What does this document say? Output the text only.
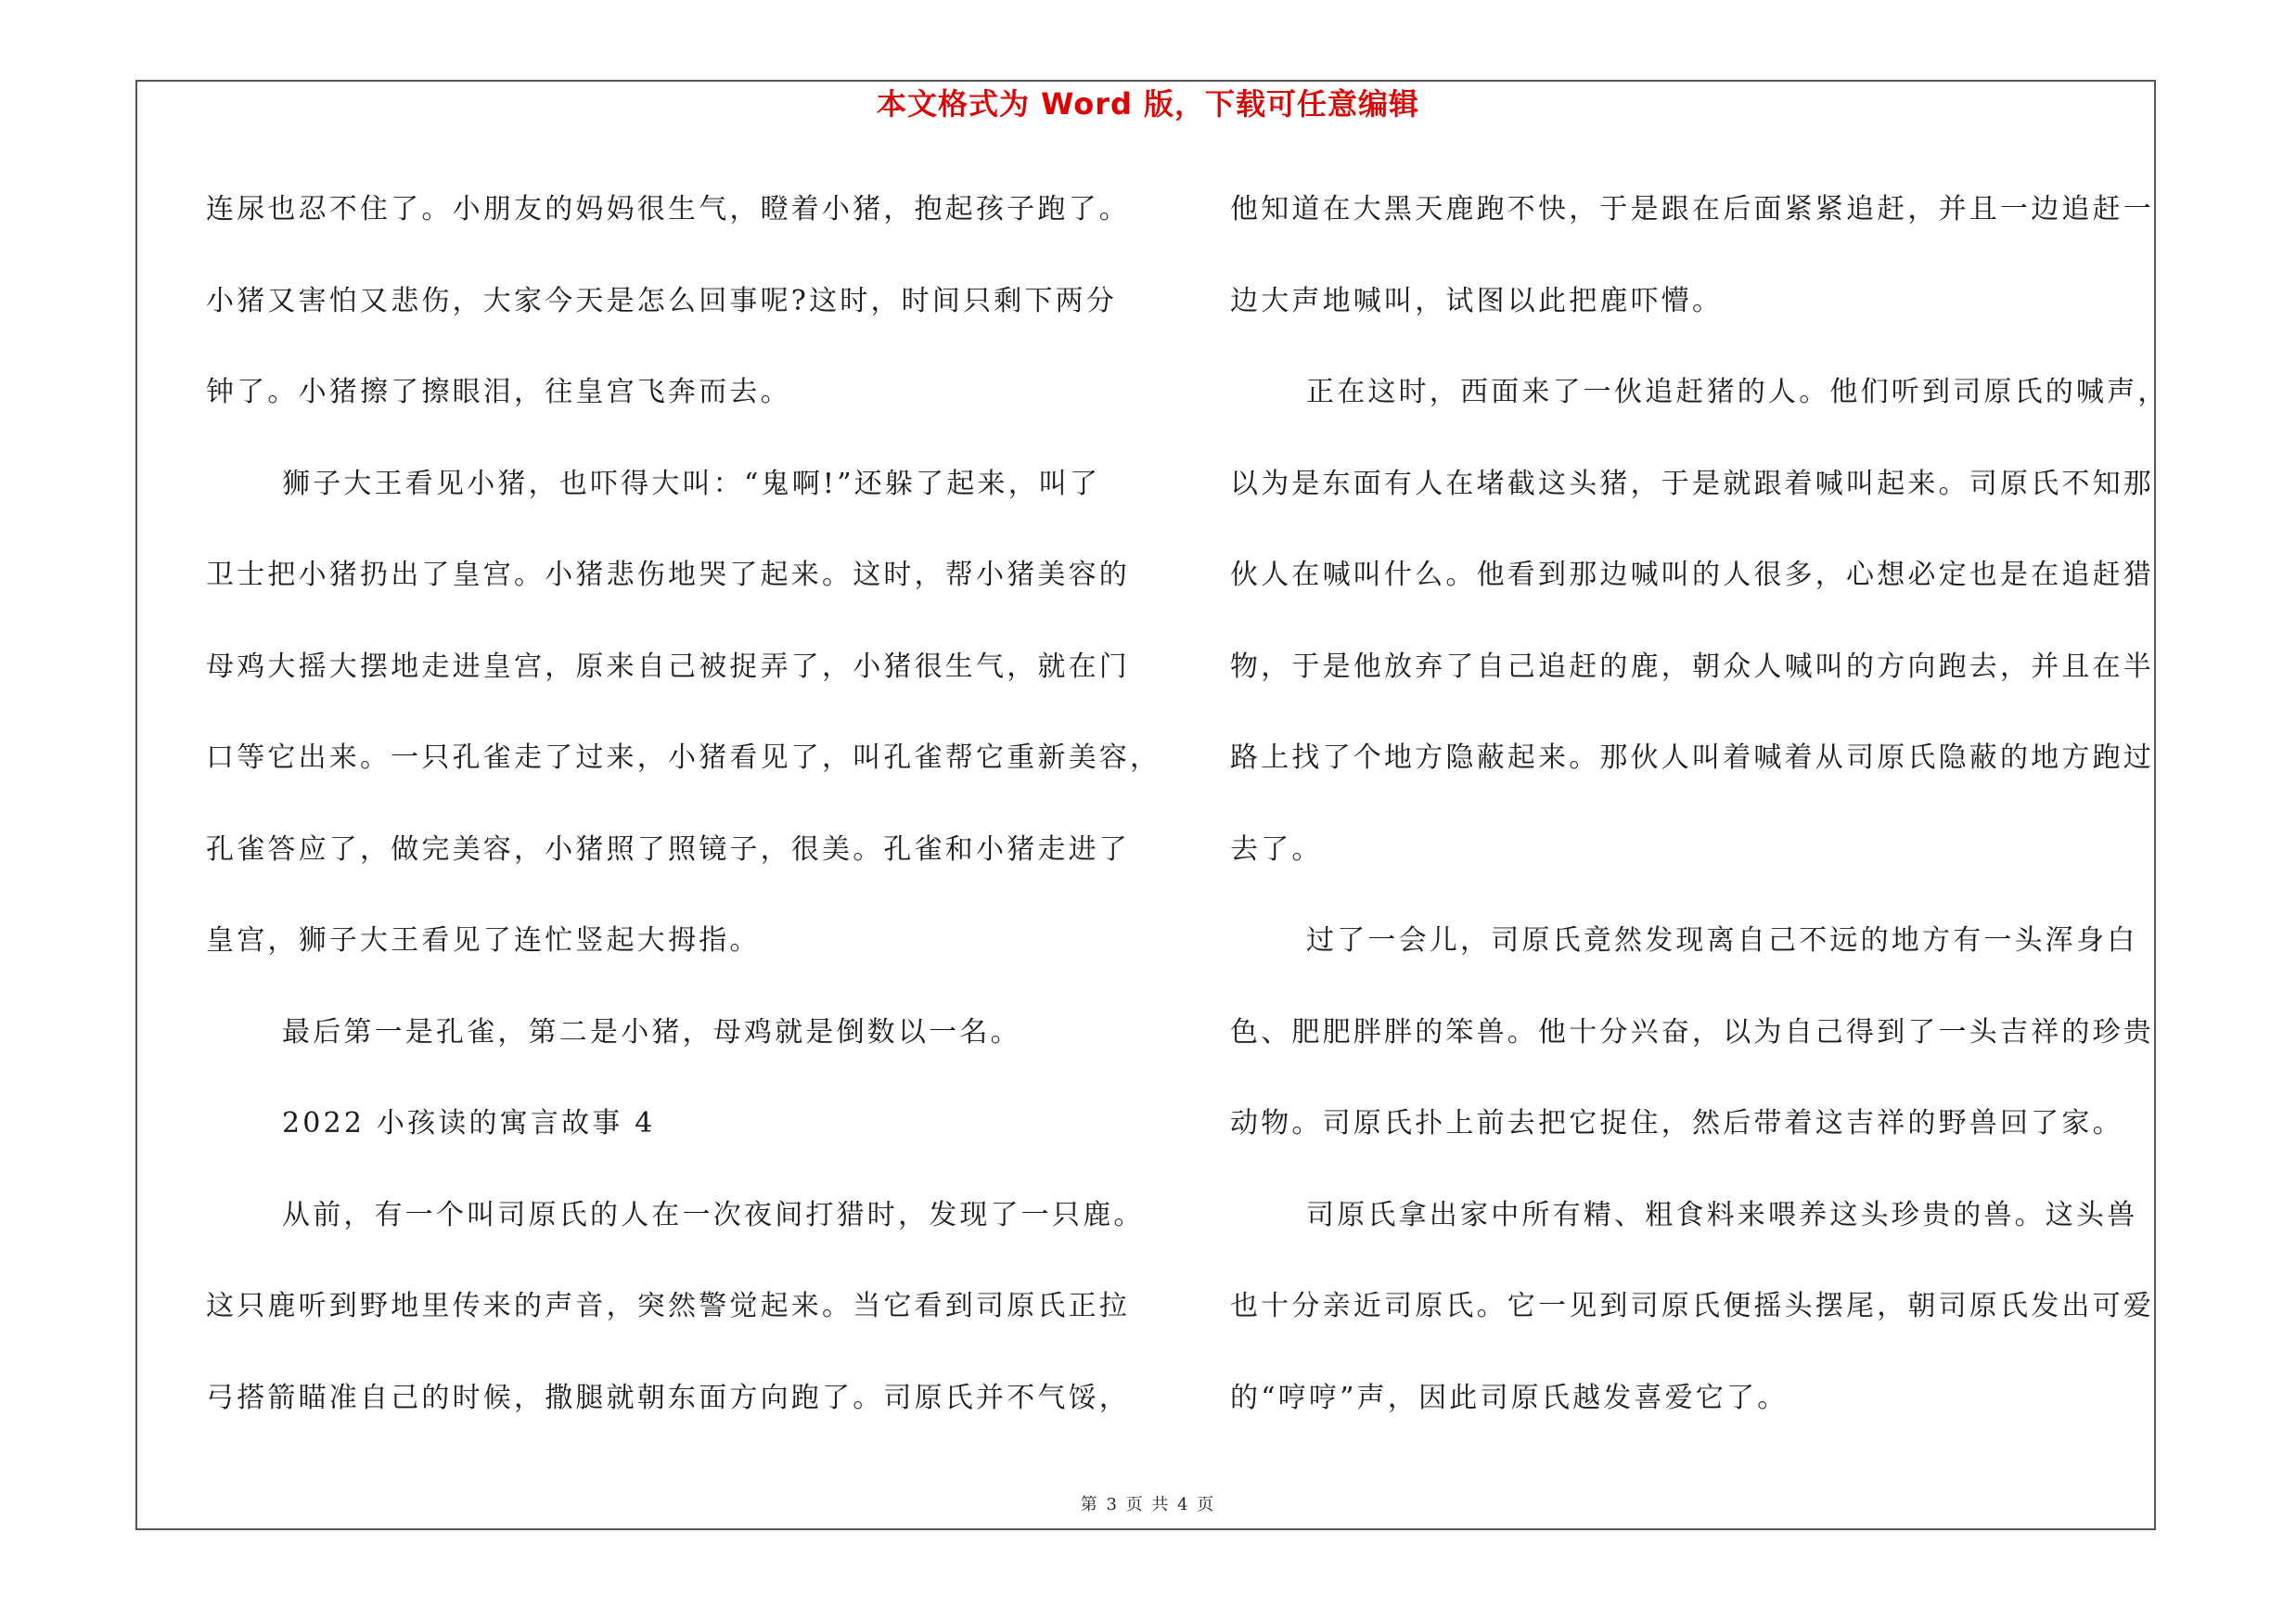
本文格式为 Word 版，下载可任意编辑
连尿也忍不住了。小朋友的妈妈很生气，瞪着小猪，抱起孩子跑了。
小猪又害怕又悲伤，大家今天是怎么回事呢?这时，时间只剩下两分
钟了。小猪擦了擦眼泪，往皇宫飞奔而去。
狮子大王看见小猪，也吓得大叫：“鬼啊!”还躲了起来，叫了
卫士把小猪扔出了皇宫。小猪悲伤地哭了起来。这时，帮小猪美容的
母鸡大摇大摆地走进皇宫，原来自己被捉弄了，小猪很生气，就在门
口等它出来。一只孔雀走了过来，小猪看见了，叫孔雀帮它重新美容，
孔雀答应了，做完美容，小猪照了照镜子，很美。孔雀和小猪走进了
皇宫，狮子大王看见了连忙竖起大拇指。
最后第一是孔雀，第二是小猪，母鸡就是倒数以一名。
2022 小孩读的寓言故事 4
从前，有一个叫司原氏的人在一次夜间打猎时，发现了一只鹿。
这只鹿听到野地里传来的声音，突然警觉起来。当它看到司原氏正拉
弓搭箭瞄准自己的时候，撒腿就朝东面方向跑了。司原氏并不气馁，
他知道在大黑天鹿跑不快，于是跟在后面紧紧追赶，并且一边追赶一
边大声地喊叫，试图以此把鹿吓懵。
正在这时，西面来了一伙追赶猪的人。他们听到司原氏的喊声，
以为是东面有人在堵截这头猪，于是就跟着喊叫起来。司原氏不知那
伙人在喊叫什么。他看到那边喊叫的人很多，心想必定也是在追赶猎
物，于是他放弃了自己追赶的鹿，朝众人喊叫的方向跑去，并且在半
路上找了个地方隐蔽起来。那伙人叫着喊着从司原氏隐蔽的地方跑过
去了。
过了一会儿，司原氏竟然发现离自己不远的地方有一头浑身白
色、肥肥胖胖的笨兽。他十分兴奋，以为自己得到了一头吉祥的珍贵
动物。司原氏扑上前去把它捉住，然后带着这吉祥的野兽回了家。
司原氏拿出家中所有精、粗食料来喂养这头珍贵的兽。这头兽
也十分亲近司原氏。它一见到司原氏便摇头摆尾，朝司原氏发出可爱
的“哼哼”声，因此司原氏越发喜爱它了。
第 3 页 共 4 页
